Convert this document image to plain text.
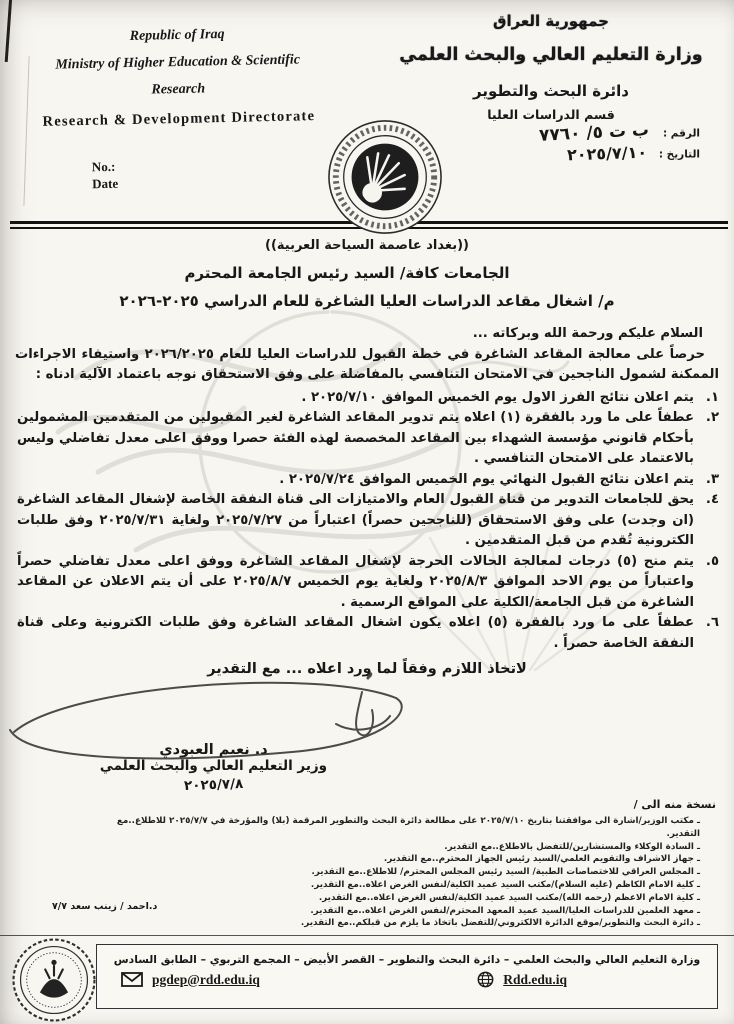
Republic of Iraq
Ministry of Higher Education & Scientific
Research
Research & Development Directorate
No.:
Date
جمهورية العراق
وزارة التعليم العالي والبحث العلمي
دائرة البحث والتطوير
قسم الدراسات العليا
الرقم : ب ت ٥/ ٧٧٦٠
التاريخ : ٢٠٢٥/٧/١٠
((بغداد عاصمة السياحة العربية))
الجامعات كافة/ السيد رئيس الجامعة المحترم
م/ اشغال مقاعد الدراسات العليا الشاغرة للعام الدراسي ٢٠٢٥-٢٠٢٦
السلام عليكم ورحمة الله وبركاته ...
حرصاً على معالجة المقاعد الشاغرة في خطة القبول للدراسات العليا للعام ٢٠٢٦/٢٠٢٥ واستيفاء الاجراءات الممكنة لشمول الناجحين في الامتحان التنافسي بالمفاضلة على وفق الاستحقاق نوجه باعتماد الآلية ادناه :
١.
يتم اعلان نتائج الفرز الاول يوم الخميس الموافق ٢٠٢٥/٧/١٠ .
٢.
عطفاً على ما ورد بالفقرة (١) اعلاه يتم تدوير المقاعد الشاغرة لغير المقبولين من المتقدمين المشمولين بأحكام قانوني مؤسسة الشهداء بين المقاعد المخصصة لهذه الفئة حصرا ووفق اعلى معدل تفاضلي وليس بالاعتماد على الامتحان التنافسي .
٣.
يتم اعلان نتائج القبول النهائي يوم الخميس الموافق ٢٠٢٥/٧/٢٤ .
٤.
يحق للجامعات التدوير من قناة القبول العام والامتيازات الى قناة النفقة الخاصة لإشغال المقاعد الشاغرة (ان وجدت) على وفق الاستحقاق (للناجحين حصراً) اعتباراً من ٢٠٢٥/٧/٢٧ ولغاية ٢٠٢٥/٧/٣١ وفق طلبات الكترونية تُقدم من قبل المتقدمين .
٥.
يتم منح (٥) درجات لمعالجة الحالات الحرجة لإشغال المقاعد الشاغرة ووفق اعلى معدل تفاضلي حصراً واعتباراً من يوم الاحد الموافق ٢٠٢٥/٨/٣ ولغاية يوم الخميس ٢٠٢٥/٨/٧ على أن يتم الاعلان عن المقاعد الشاغرة من قبل الجامعة/الكلية على المواقع الرسمية .
٦.
عطفاً على ما ورد بالفقرة (٥) اعلاه يكون اشغال المقاعد الشاغرة وفق طلبات الكترونية وعلى قناة النفقة الخاصة حصراً .
لاتخاذ اللازم وفقاً لما ورد اعلاه ... مع التقدير
د. نعيم العبودي
وزير التعليم العالي والبحث العلمي
٢٠٢٥/٧/٨
نسخة منه الى /
ـ مكتب الوزير/اشارة الى موافقتنا بتاريخ ٢٠٢٥/٧/١٠ على مطالعة دائرة البحث والتطوير المرقمة (بلا) والمؤرخة في ٢٠٢٥/٧/٧ للاطلاع..مع التقدير.
ـ السادة الوكلاء والمستشارين/للتفضل بالاطلاع..مع التقدير.
ـ جهاز الاشراف والتقويم العلمي/السيد رئيس الجهاز المحترم..مع التقدير.
ـ المجلس العراقي للاختصاصات الطبية/ السيد رئيس المجلس المحترم/ للاطلاع..مع التقدير.
ـ كلية الامام الكاظم (عليه السلام)/مكتب السيد عميد الكلية/لنفس الغرض اعلاه..مع التقدير.
ـ كلية الامام الاعظم (رحمه الله)/مكتب السيد عميد الكلية/لنفس الغرض اعلاه..مع التقدير.
ـ معهد العلمين للدراسات العليا/السيد عميد المعهد المحترم/لنفس الغرض اعلاه..مع التقدير.
ـ دائرة البحث والتطوير/موقع الدائرة الالكتروني/للتفضل باتخاذ ما يلزم من قبلكم..مع التقدير.
د.احمد / زينب سعد ٧/٧
وزارة التعليم العالي والبحث العلمي – دائرة البحث والتطوير – القصر الأبيض – المجمع التربوي – الطابق السادس
pgdep@rdd.edu.iq	Rdd.edu.iq
